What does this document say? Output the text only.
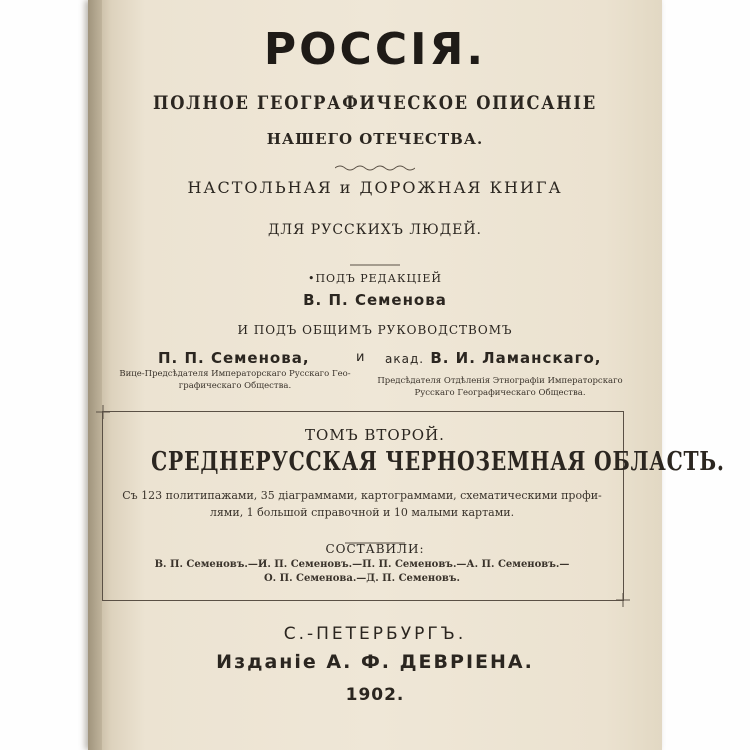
РОССІЯ.
ПОЛНОЕ ГЕОГРАФИЧЕСКОЕ ОПИСАНІЕ
НАШЕГО ОТЕЧЕСТВА.
НАСТОЛЬНАЯ и ДОРОЖНАЯ КНИГА
ДЛЯ РУССКИХЪ ЛЮДЕЙ.
•ПОДЪ РЕДАКЦІЕЙ
В. П. Семенова
И ПОДЪ ОБЩИМЪ РУКОВОДСТВОМЪ
П. П. Семенова,
Вице-Предсѣдателя Императорскаго Русскаго Гео-
графическаго Общества.
и акад. В. И. Ламанскаго,
Предсѣдателя Отдѣленія Этнографіи Императорскаго
Русскаго Географическаго Общества.
ТОМЪ ВТОРОЙ.
СРЕДНЕРУССКАЯ ЧЕРНОЗЕМНАЯ ОБЛАСТЬ.
Съ 123 политипажами, 35 діаграммами, картограммами, схематическими профи-
лями, 1 большой справочной и 10 малыми картами.
СОСТАВИЛИ:
В. П. Семеновъ.—И. П. Семеновъ.—П. П. Семеновъ.—А. П. Семеновъ.—
О. П. Семенова.—Д. П. Семеновъ.
С.-ПЕТЕРБУРГЪ.
Изданіе А. Ф. ДЕВРІЕНА.
1902.
